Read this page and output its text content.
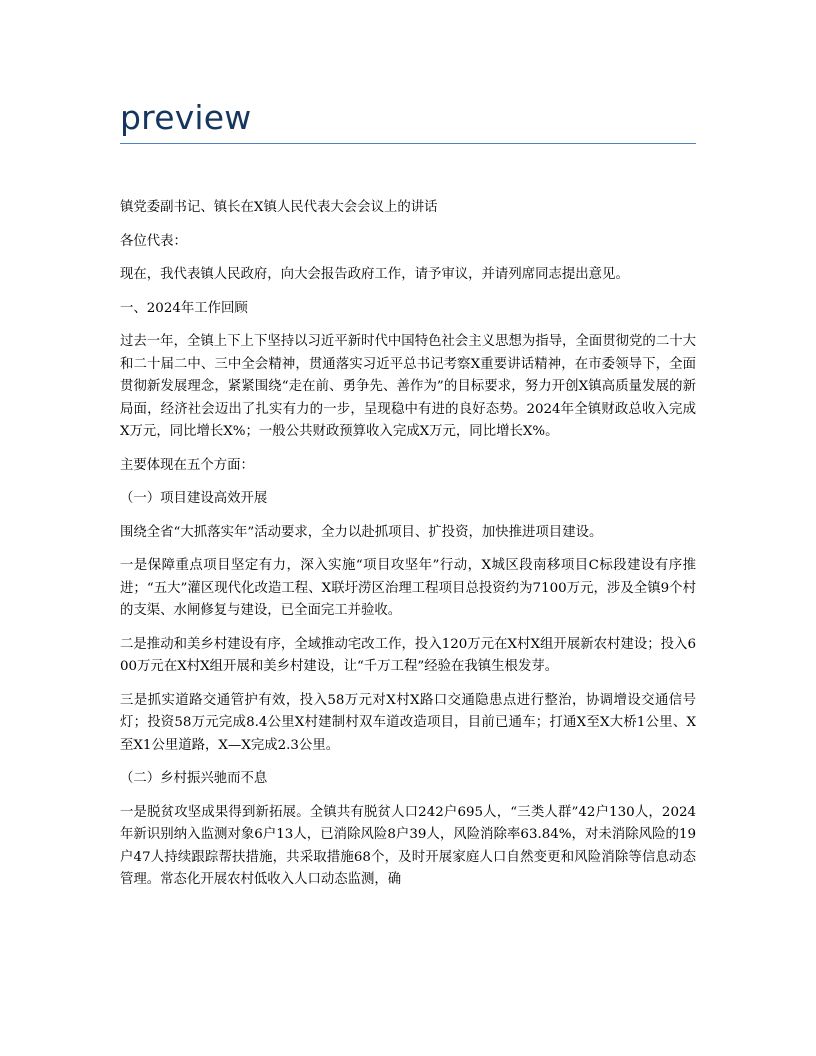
preview

镇党委副书记、镇长在X镇人民代表大会会议上的讲话

各位代表：

现在，我代表镇人民政府，向大会报告政府工作，请予审议，并请列席同志提出意见。

一、2024年工作回顾

过去一年，全镇上下上下坚持以习近平新时代中国特色社会主义思想为指导，全面贯彻党的二十大和二十届二中、三中全会精神，贯通落实习近平总书记考察X重要讲话精神，在市委领导下，全面贯彻新发展理念，紧紧围绕“走在前、勇争先、善作为”的目标要求，努力开创X镇高质量发展的新局面，经济社会迈出了扎实有力的一步，呈现稳中有进的良好态势。2024年全镇财政总收入完成X万元，同比增长X%；一般公共财政预算收入完成X万元，同比增长X%。

主要体现在五个方面：

（一）项目建设高效开展

围绕全省“大抓落实年”活动要求，全力以赴抓项目、扩投资，加快推进项目建设。

一是保障重点项目坚定有力，深入实施“项目攻坚年”行动，X城区段南移项目C标段建设有序推进；“五大”灌区现代化改造工程、X联圩涝区治理工程项目总投资约为7100万元，涉及全镇9个村的支渠、水闸修复与建设，已全面完工并验收。

二是推动和美乡村建设有序，全域推动宅改工作，投入120万元在X村X组开展新农村建设；投入600万元在X村X组开展和美乡村建设，让“千万工程”经验在我镇生根发芽。

三是抓实道路交通管护有效，投入58万元对X村X路口交通隐患点进行整治，协调增设交通信号灯；投资58万元完成8.4公里X村建制村双车道改造项目，目前已通车；打通X至X大桥1公里、X至X1公里道路，X—X完成2.3公里。

（二）乡村振兴驰而不息

一是脱贫攻坚成果得到新拓展。全镇共有脱贫人口242户695人，“三类人群”42户130人，2024年新识别纳入监测对象6户13人，已消除风险8户39人，风险消除率63.84%，对未消除风险的19户47人持续跟踪帮扶措施，共采取措施68个，及时开展家庭人口自然变更和风险消除等信息动态管理。常态化开展农村低收入人口动态监测，确
